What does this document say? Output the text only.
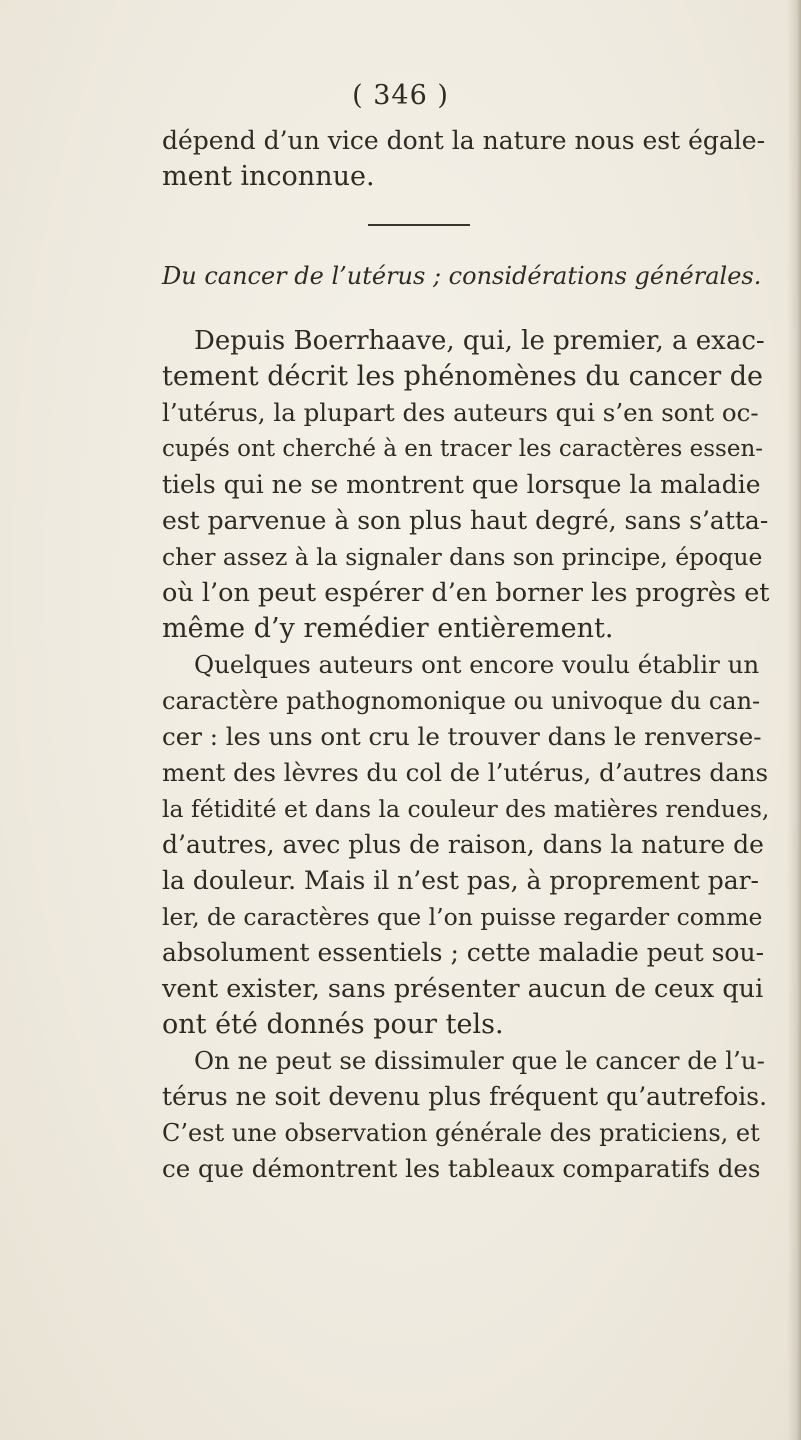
( 346 )
dépend d’un vice dont la nature nous est égale-
ment inconnue.
Du cancer de l’utérus ; considérations générales.
Depuis Boerrhaave, qui, le premier, a exac-
tement décrit les phénomènes du cancer de
l’utérus, la plupart des auteurs qui s’en sont oc-
cupés ont cherché à en tracer les caractères essen-
tiels qui ne se montrent que lorsque la maladie
est parvenue à son plus haut degré, sans s’atta-
cher assez à la signaler dans son principe, époque
où l’on peut espérer d’en borner les progrès et
même d’y remédier entièrement.
Quelques auteurs ont encore voulu établir un
caractère pathognomonique ou univoque du can-
cer : les uns ont cru le trouver dans le renverse-
ment des lèvres du col de l’utérus, d’autres dans
la fétidité et dans la couleur des matières rendues,
d’autres, avec plus de raison, dans la nature de
la douleur. Mais il n’est pas, à proprement par-
ler, de caractères que l’on puisse regarder comme
absolument essentiels ; cette maladie peut sou-
vent exister, sans présenter aucun de ceux qui
ont été donnés pour tels.
On ne peut se dissimuler que le cancer de l’u-
térus ne soit devenu plus fréquent qu’autrefois.
C’est une observation générale des praticiens, et
ce que démontrent les tableaux comparatifs des
